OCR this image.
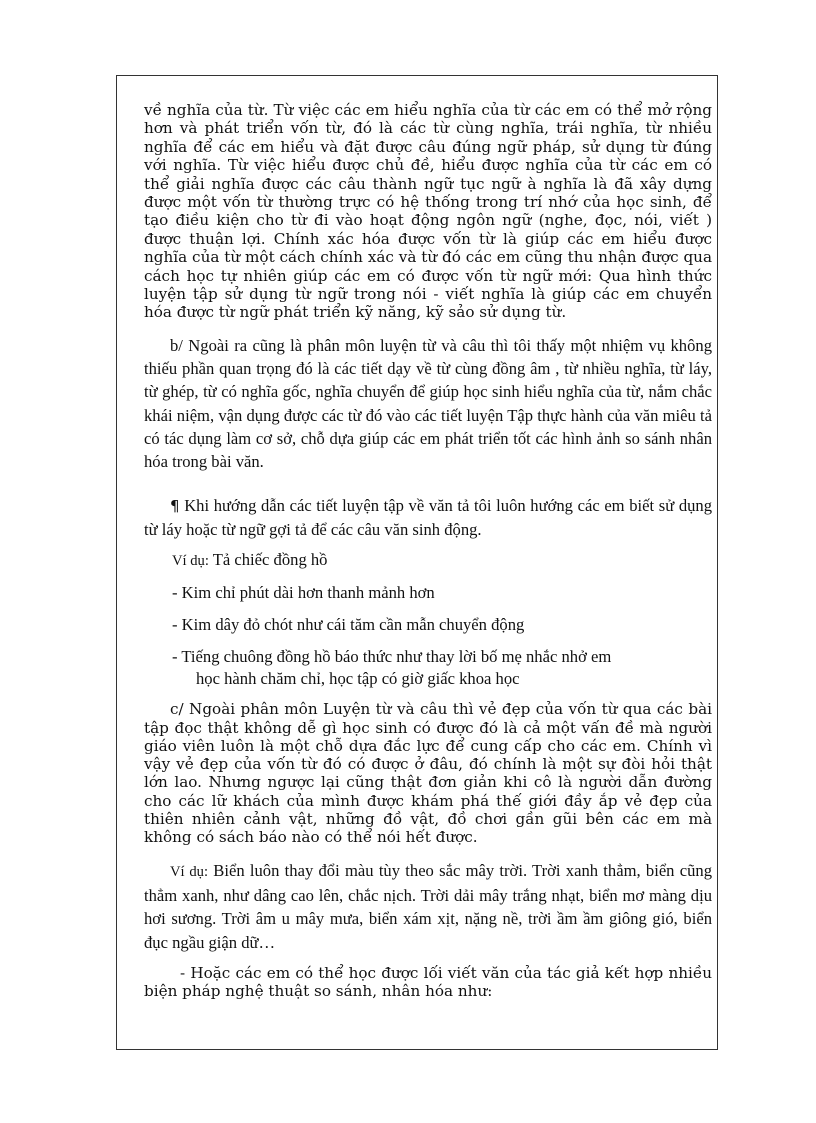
về nghĩa của từ. Từ việc các em hiểu nghĩa của từ các em có thể mở rộng hơn và phát triển vốn từ, đó là các từ cùng nghĩa, trái nghĩa, từ nhiều nghĩa để các em hiểu và đặt được câu đúng ngữ pháp, sử dụng từ đúng với nghĩa. Từ việc hiểu được chủ đề, hiểu được nghĩa của từ các em có thể giải nghĩa được các câu thành ngữ tục ngữ à nghĩa là đã xây dựng được một vốn từ thường trực có hệ thống trong trí nhớ của học sinh, để tạo điều kiện cho từ đi vào hoạt động ngôn ngữ (nghe, đọc, nói, viết ) được thuận lợi. Chính xác hóa được vốn từ là giúp các em hiểu được nghĩa của từ một cách chính xác và từ đó các em cũng thu nhận được qua cách học tự nhiên giúp các em có được vốn từ ngữ mới: Qua hình thức luyện tập sử dụng từ ngữ trong nói - viết nghĩa là giúp các em chuyển hóa được từ ngữ phát triển kỹ năng, kỹ sảo sử dụng từ.

b/ Ngoài ra cũng là phân môn luyện từ và câu thì tôi thấy một nhiệm vụ không thiếu phần quan trọng đó là các tiết dạy về từ cùng đồng âm , từ nhiều nghĩa, từ láy, từ ghép, từ có nghĩa gốc, nghĩa chuyển để giúp học sinh hiểu nghĩa của từ, nắm chắc khái niệm, vận dụng được các từ đó vào các tiết luyện Tập thực hành của văn miêu tả có tác dụng làm cơ sở, chỗ dựa giúp các em phát triển tốt các hình ảnh so sánh nhân hóa trong bài văn.

¶ Khi hướng dẫn các tiết luyện tập về văn tả tôi luôn hướng các em biết sử dụng từ láy hoặc từ ngữ gợi tả để các câu văn sinh động.

Ví dụ: Tả chiếc đồng hồ

- Kim chỉ phút dài hơn thanh mảnh hơn

- Kim dây đỏ chót như cái tăm cần mẫn chuyển động

- Tiếng chuông đồng hồ báo thức như thay lời bố mẹ nhắc nhở em
học hành chăm chỉ, học tập có giờ giấc khoa học

c/ Ngoài phân môn Luyện từ và câu thì vẻ đẹp của vốn từ qua các bài tập đọc thật không dễ gì học sinh có được đó là cả một vấn đề mà người giáo viên luôn là một chỗ dựa đắc lực để cung cấp cho các em. Chính vì vậy vẻ đẹp của vốn từ đó có được ở đâu, đó chính là một sự đòi hỏi thật lớn lao. Nhưng ngược lại cũng thật đơn giản khi cô là người dẫn đường cho các lữ khách của mình được khám phá thế giới đầy ắp vẻ đẹp của thiên nhiên cảnh vật, những đồ vật, đồ chơi gần gũi bên các em mà không có sách báo nào có thể nói hết được.

Ví dụ: Biển luôn thay đổi màu tùy theo sắc mây trời. Trời xanh thẳm, biển cũng thẳm xanh, như dâng cao lên, chắc nịch. Trời dải mây trắng nhạt, biển mơ màng dịu hơi sương. Trời âm u mây mưa, biển xám xịt, nặng nề, trời ầm ầm giông gió, biển đục ngầu giận dữ…

- Hoặc các em có thể học được lối viết văn của tác giả kết hợp nhiều biện pháp nghệ thuật so sánh, nhân hóa như:
